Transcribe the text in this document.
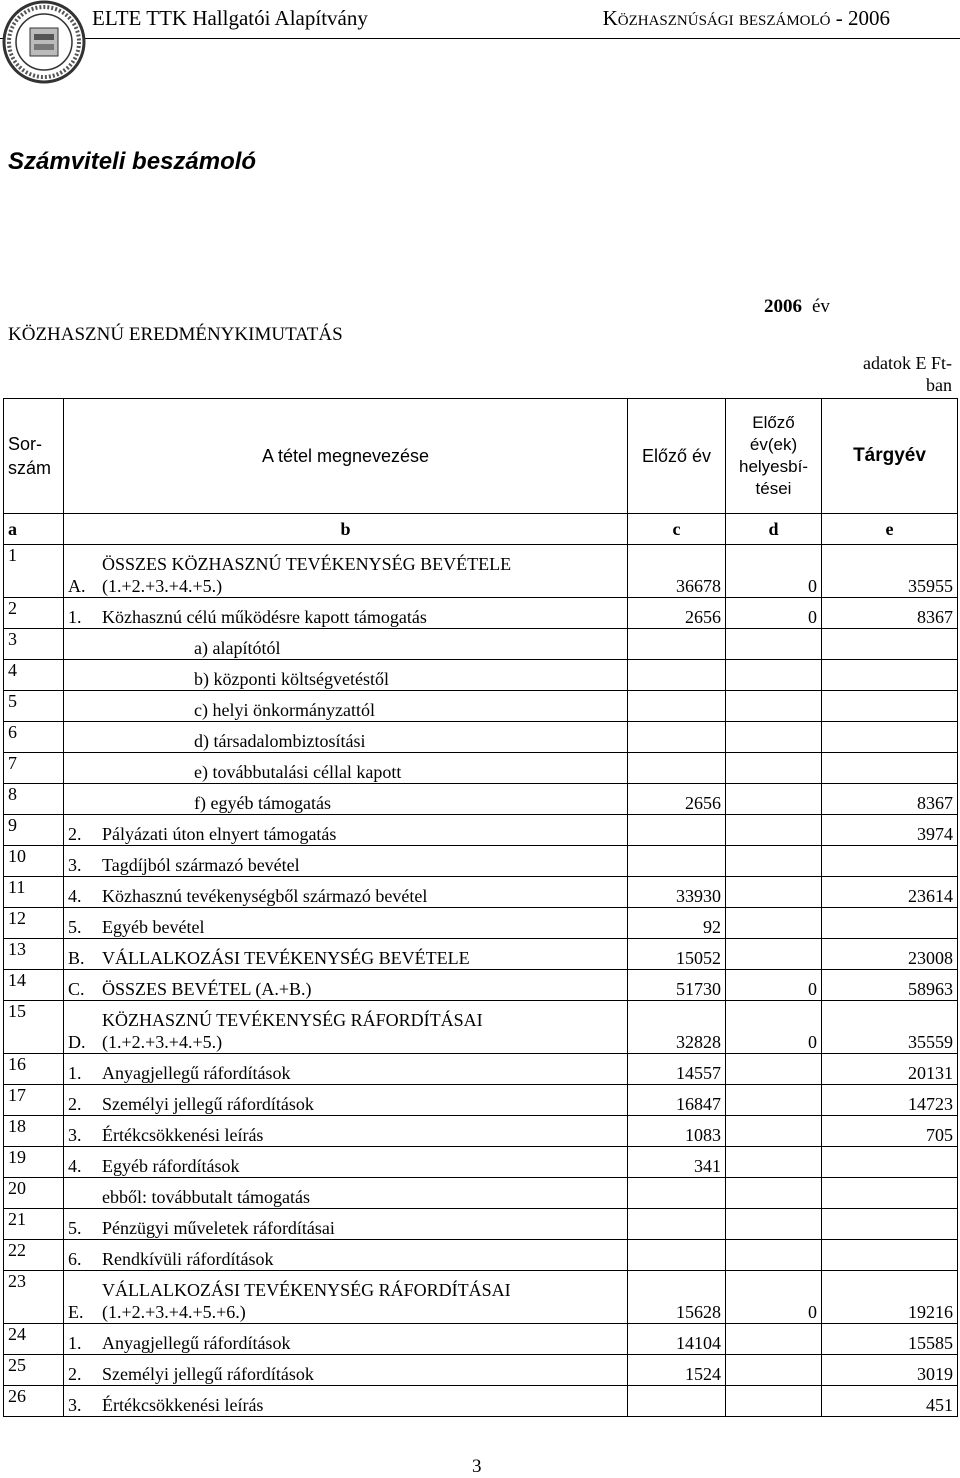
ELTE TTK Hallgatói Alapítvány	Közhasznúsági beszámoló - 2006
Számviteli beszámoló
KÖZHASZNÚ EREDMÉNYKIMUTATÁS
2006 év
adatok E Ft-
ban
Sor-
szám	A tétel megnevezése	Előző év	Előző
év(ek)
helyesbí-
tései	Tárgyév
a	b	c	d	e
1	A.
ÖSSZES KÖZHASZNÚ TEVÉKENYSÉG BEVÉTELE
(1.+2.+3.+4.+5.)	36678	0	35955
2	1. Közhasznú célú működésre kapott támogatás	2656	0	8367
3	a) alapítótól			
4	b) központi költségvetéstől			
5	c) helyi önkormányzattól			
6	d) társadalombiztosítási			
7	e) továbbutalási céllal kapott			
8	f) egyéb támogatás	2656		8367
9	2. Pályázati úton elnyert támogatás			3974
10	3. Tagdíjból származó bevétel			
11	4. Közhasznú tevékenységből származó bevétel	33930		23614
12	5. Egyéb bevétel	92		
13	B. VÁLLALKOZÁSI TEVÉKENYSÉG BEVÉTELE	15052		23008
14	C. ÖSSZES BEVÉTEL (A.+B.)	51730	0	58963
15	D.
KÖZHASZNÚ TEVÉKENYSÉG RÁFORDÍTÁSAI
(1.+2.+3.+4.+5.)	32828	0	35559
16	1. Anyagjellegű ráfordítások	14557		20131
17	2. Személyi jellegű ráfordítások	16847		14723
18	3. Értékcsökkenési leírás	1083		705
19	4. Egyéb ráfordítások	341		
20	ebből: továbbutalt támogatás			
21	5. Pénzügyi műveletek ráfordításai			
22	6. Rendkívüli ráfordítások			
23	E.
VÁLLALKOZÁSI TEVÉKENYSÉG RÁFORDÍTÁSAI
(1.+2.+3.+4.+5.+6.)	15628	0	19216
24	1. Anyagjellegű ráfordítások	14104		15585
25	2. Személyi jellegű ráfordítások	1524		3019
26	3. Értékcsökkenési leírás			451
3
